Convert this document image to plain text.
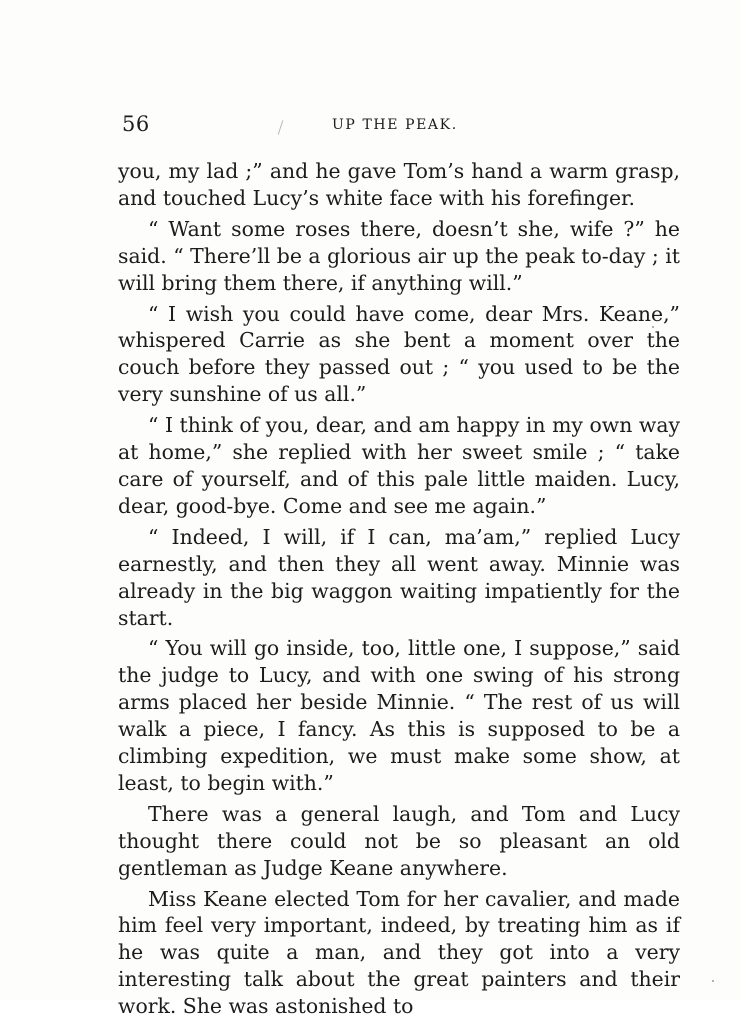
56	UP THE PEAK.

you, my lad ;” and he gave Tom’s hand a warm grasp, and touched Lucy’s white face with his forefinger.

“ Want some roses there, doesn’t she, wife ?” he said. “ There’ll be a glorious air up the peak to-day ; it will bring them there, if anything will.”

“ I wish you could have come, dear Mrs. Keane,” whispered Carrie as she bent a moment over the couch before they passed out ; “ you used to be the very sunshine of us all.”

“ I think of you, dear, and am happy in my own way at home,” she replied with her sweet smile ; “ take care of yourself, and of this pale little maiden. Lucy, dear, good-bye. Come and see me again.”

“ Indeed, I will, if I can, ma’am,” replied Lucy earnestly, and then they all went away. Minnie was already in the big waggon waiting impatiently for the start.

“ You will go inside, too, little one, I suppose,” said the judge to Lucy, and with one swing of his strong arms placed her beside Minnie. “ The rest of us will walk a piece, I fancy. As this is supposed to be a climbing expedition, we must make some show, at least, to begin with.”

There was a general laugh, and Tom and Lucy thought there could not be so pleasant an old gentleman as Judge Keane anywhere.

Miss Keane elected Tom for her cavalier, and made him feel very important, indeed, by treating him as if he was quite a man, and they got into a very interesting talk about the great painters and their work. She was astonished to
